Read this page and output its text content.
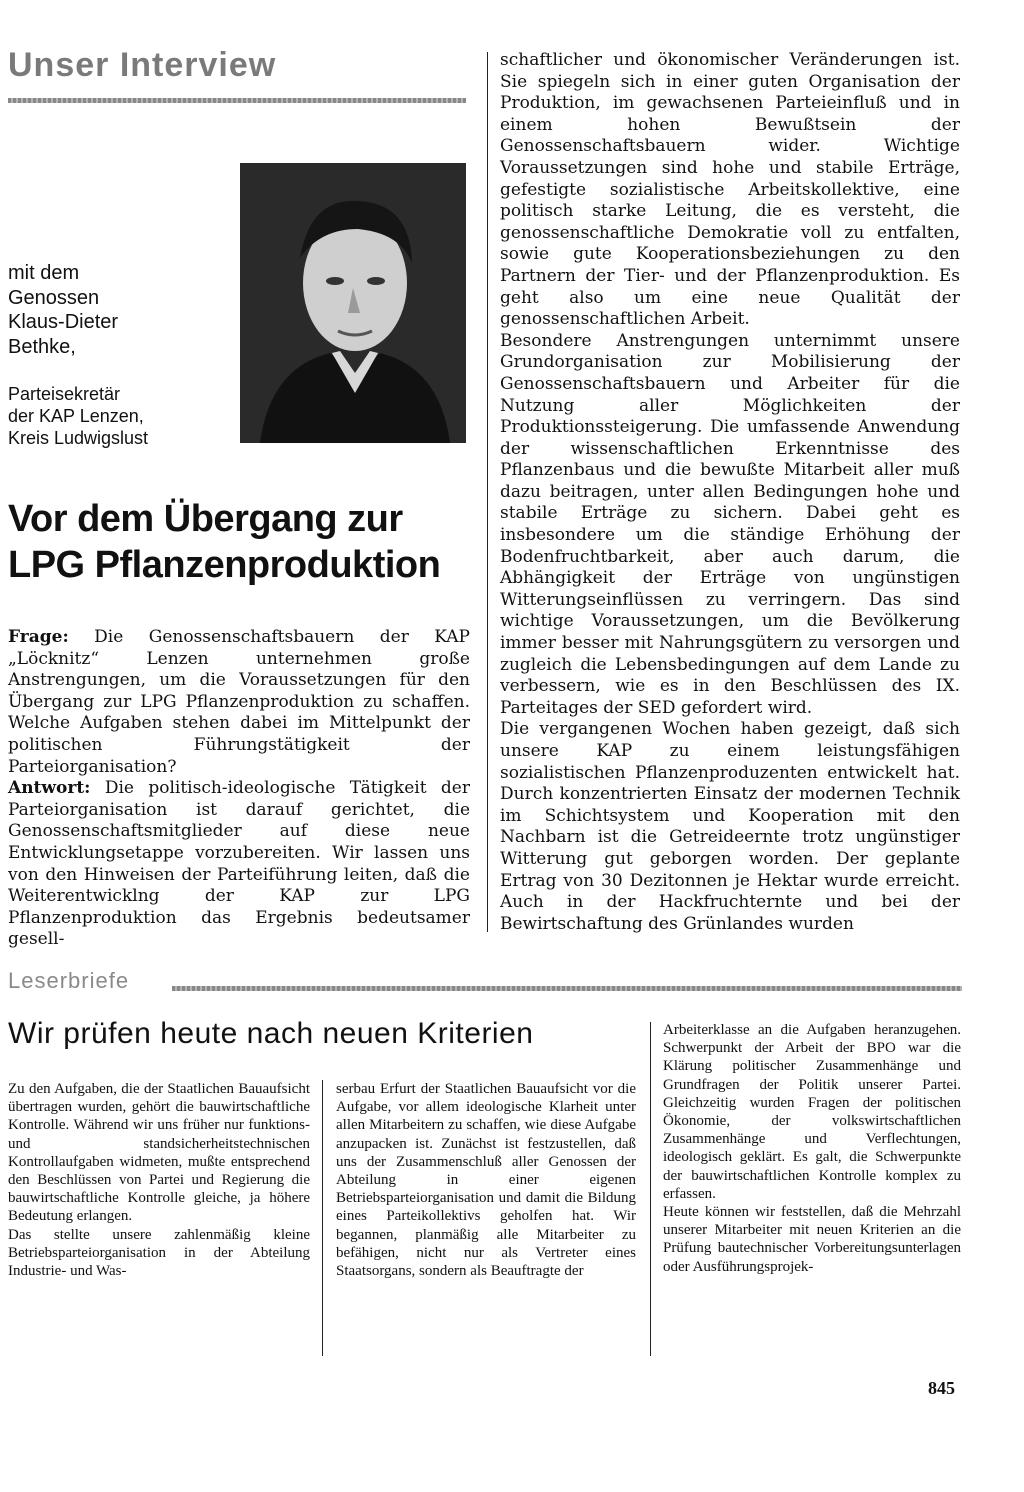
Unser Interview

mit dem

Genossen

Klaus-Dieter

Bethke,

Parteisekretär

der KAP Lenzen,

Kreis Ludwigslust

Vor dem Übergang zur

LPG Pflanzenproduktion

Frage: Die Genossenschaftsbauern der KAP „Löcknitz“ Lenzen unternehmen große Anstrengungen, um die Voraussetzungen für den Übergang zur LPG Pflanzenproduktion zu schaffen. Welche Aufgaben stehen dabei im Mittelpunkt der politischen Führungstätigkeit der Parteiorganisation?

Antwort: Die politisch-ideologische Tätigkeit der Parteiorganisation ist darauf gerichtet, die Genossenschaftsmitglieder auf diese neue Entwicklungsetappe vorzubereiten. Wir lassen uns von den Hinweisen der Parteiführung leiten, daß die Weiterentwicklng der KAP zur LPG Pflanzenproduktion das Ergebnis bedeutsamer gesell-

schaftlicher und ökonomischer Veränderungen ist. Sie spiegeln sich in einer guten Organisation der Produktion, im gewachsenen Parteieinfluß und in einem hohen Bewußtsein der Genossenschaftsbauern wider. Wichtige Voraussetzungen sind hohe und stabile Erträge, gefestigte sozialistische Arbeitskollektive, eine politisch starke Leitung, die es versteht, die genossenschaftliche Demokratie voll zu entfalten, sowie gute Kooperationsbeziehungen zu den Partnern der Tier- und der Pflanzenproduktion. Es geht also um eine neue Qualität der genossenschaftlichen Arbeit.

Besondere Anstrengungen unternimmt unsere Grundorganisation zur Mobilisierung der Genossenschaftsbauern und Arbeiter für die Nutzung aller Möglichkeiten der Produktionssteigerung. Die umfassende Anwendung der wissenschaftlichen Erkenntnisse des Pflanzenbaus und die bewußte Mitarbeit aller muß dazu beitragen, unter allen Bedingungen hohe und stabile Erträge zu sichern. Dabei geht es insbesondere um die ständige Erhöhung der Bodenfruchtbarkeit, aber auch darum, die Abhängigkeit der Erträge von ungünstigen Witterungseinflüssen zu verringern. Das sind wichtige Voraussetzungen, um die Bevölkerung immer besser mit Nahrungsgütern zu versorgen und zugleich die Lebensbedingungen auf dem Lande zu verbessern, wie es in den Beschlüssen des IX. Parteitages der SED gefordert wird.

Die vergangenen Wochen haben gezeigt, daß sich unsere KAP zu einem leistungsfähigen sozialistischen Pflanzenproduzenten entwickelt hat. Durch konzentrierten Einsatz der modernen Technik im Schichtsystem und Kooperation mit den Nachbarn ist die Getreideernte trotz ungünstiger Witterung gut geborgen worden. Der geplante Ertrag von 30 Dezitonnen je Hektar wurde erreicht. Auch in der Hackfruchternte und bei der Bewirtschaftung des Grünlandes wurden

Leserbriefe
Wir prüfen heute nach neuen Kriterien

Zu den Aufgaben, die der Staatlichen Bauaufsicht übertragen wurden, gehört die bauwirtschaftliche Kontrolle. Während wir uns früher nur funktions- und standsicherheitstechnischen Kontrollaufgaben widmeten, mußte entsprechend den Beschlüssen von Partei und Regierung die bauwirtschaftliche Kontrolle gleiche, ja höhere Bedeutung erlangen.

Das stellte unsere zahlenmäßig kleine Betriebsparteiorganisation in der Abteilung Industrie- und Was-

serbau Erfurt der Staatlichen Bauaufsicht vor die Aufgabe, vor allem ideologische Klarheit unter allen Mitarbeitern zu schaffen, wie diese Aufgabe anzupacken ist. Zunächst ist festzustellen, daß uns der Zusammenschluß aller Genossen der Abteilung in einer eigenen Betriebsparteiorganisation und damit die Bildung eines Parteikollektivs geholfen hat. Wir begannen, planmäßig alle Mitarbeiter zu befähigen, nicht nur als Vertreter eines Staatsorgans, sondern als Beauftragte der

Arbeiterklasse an die Aufgaben heranzugehen. Schwerpunkt der Arbeit der BPO war die Klärung politischer Zusammenhänge und Grundfragen der Politik unserer Partei. Gleichzeitig wurden Fragen der politischen Ökonomie, der volkswirtschaftlichen Zusammenhänge und Verflechtungen, ideologisch geklärt. Es galt, die Schwerpunkte der bauwirtschaftlichen Kontrolle komplex zu erfassen.

Heute können wir feststellen, daß die Mehrzahl unserer Mitarbeiter mit neuen Kriterien an die Prüfung bautechnischer Vorbereitungsunterlagen oder Ausführungsprojek-

845
